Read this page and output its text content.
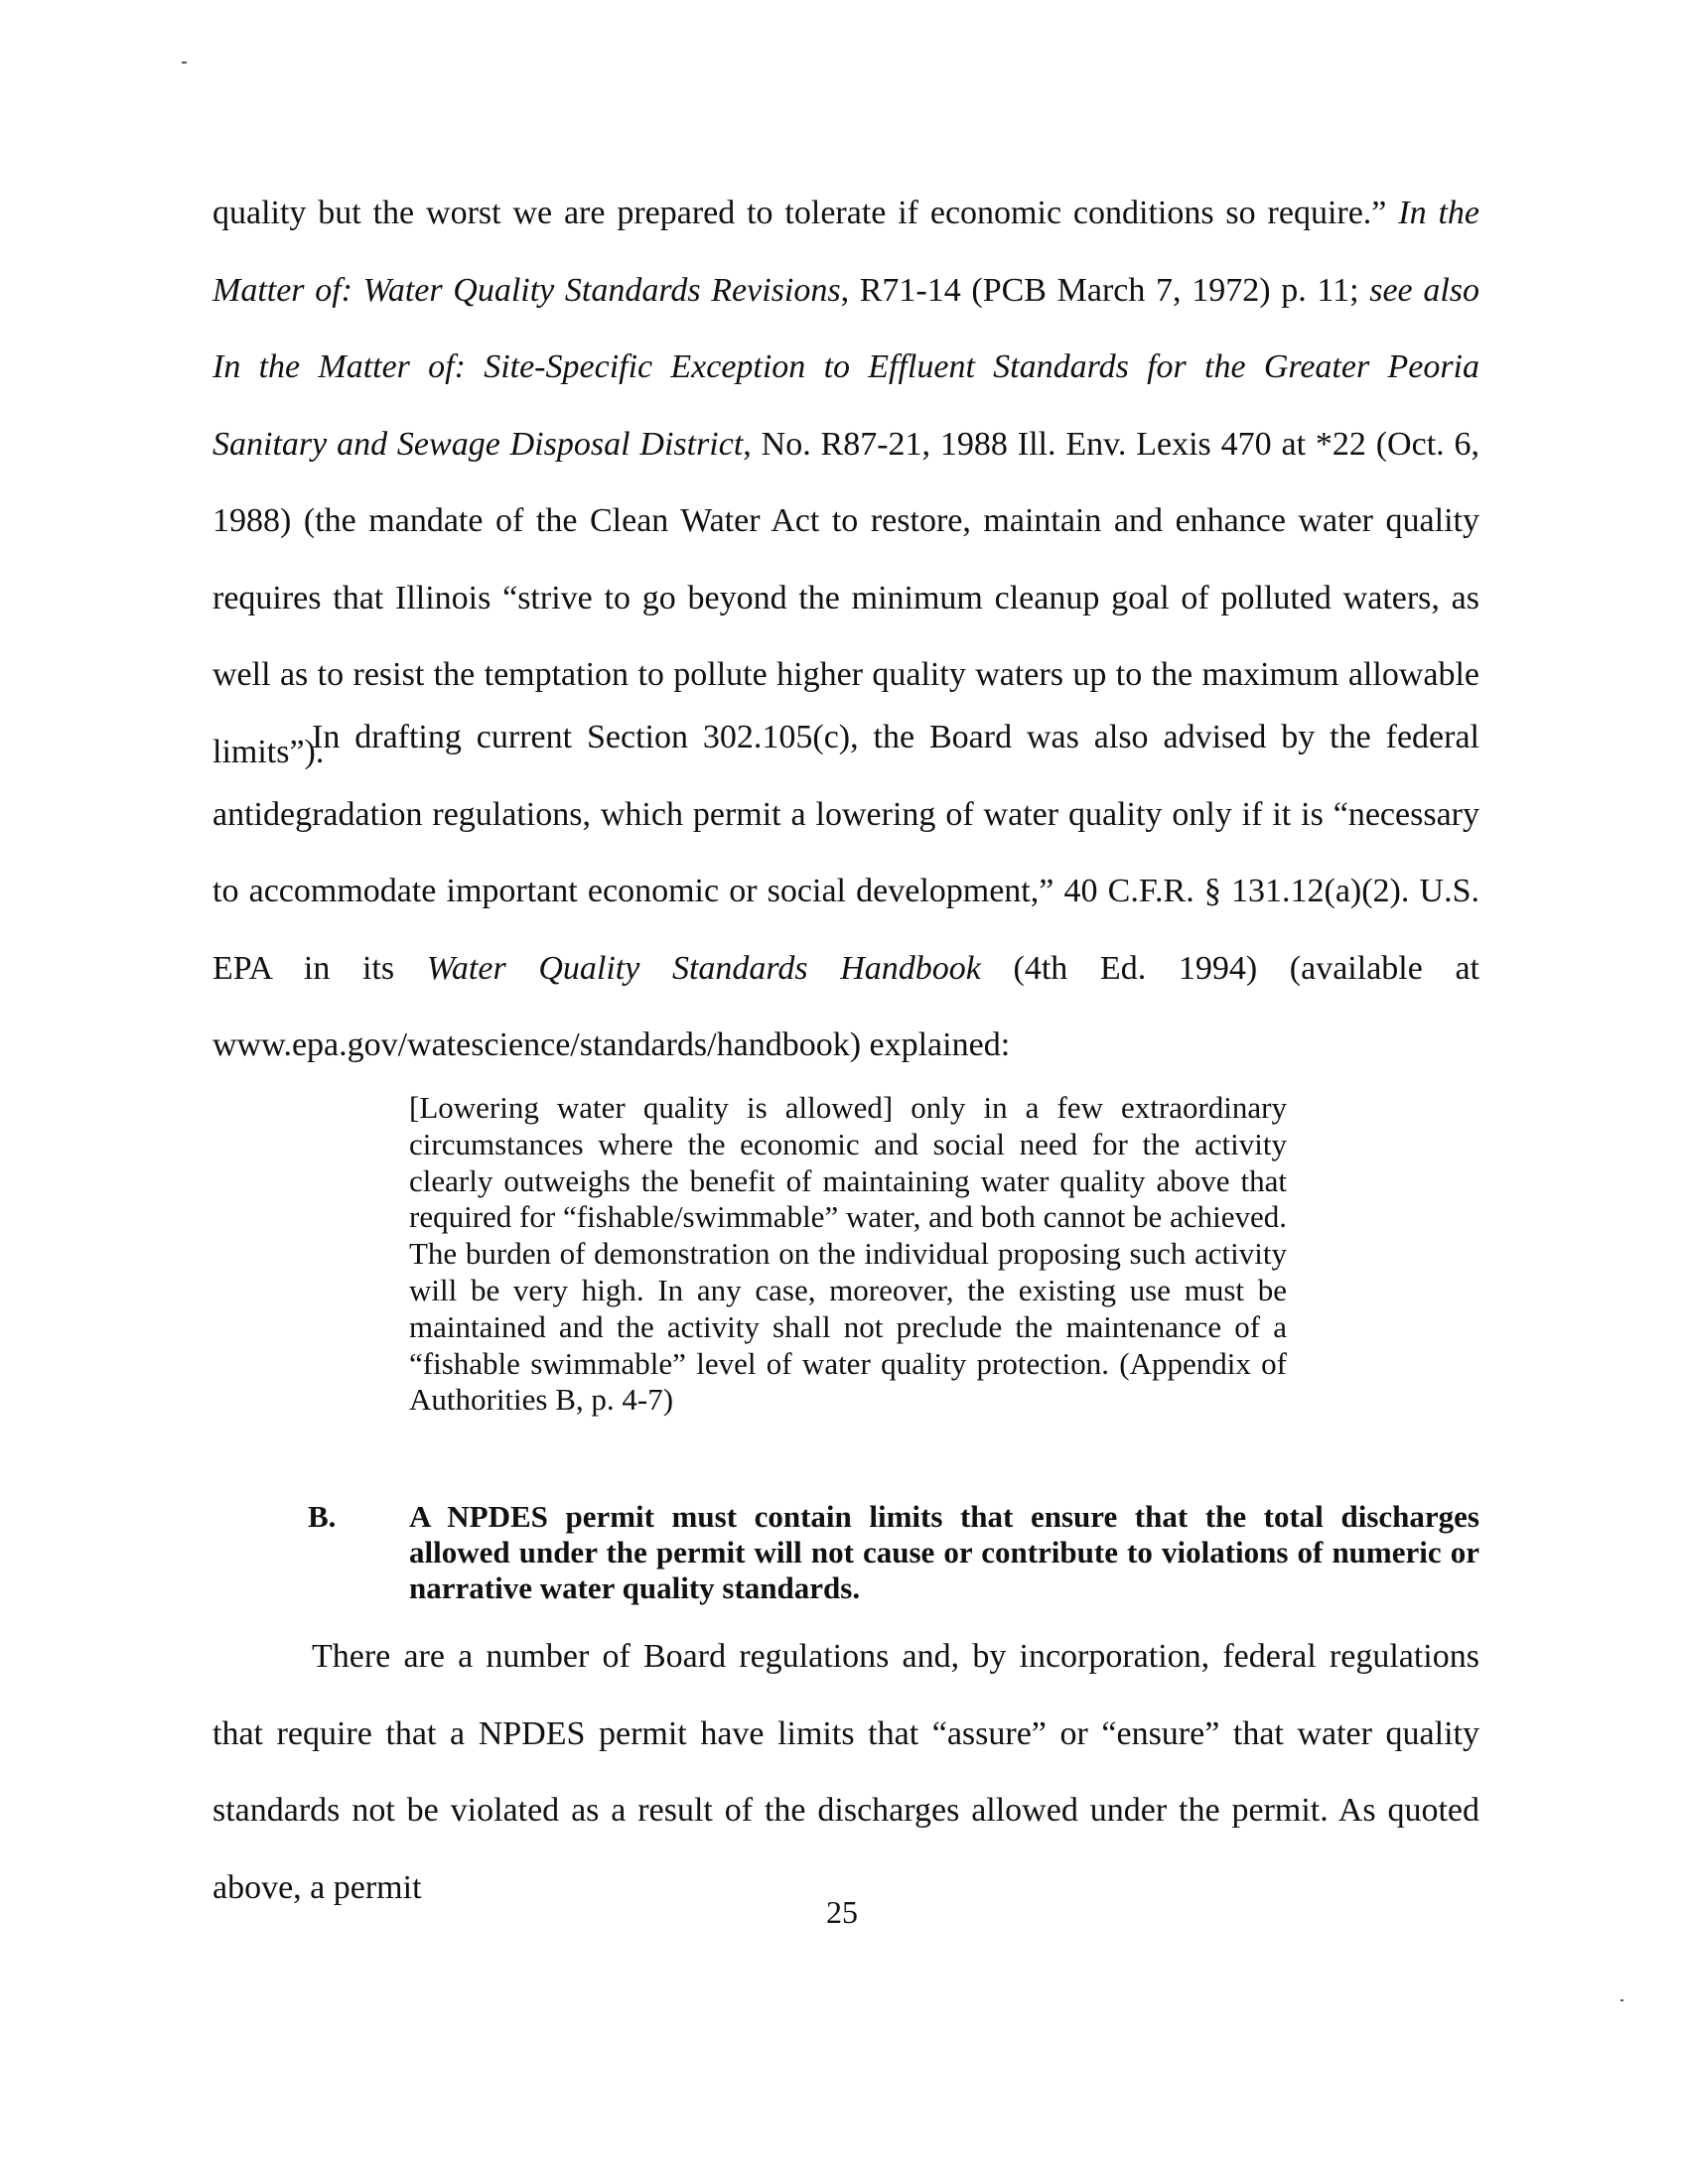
quality but the worst we are prepared to tolerate if economic conditions so require.” In the Matter of: Water Quality Standards Revisions, R71-14 (PCB March 7, 1972) p. 11; see also In the Matter of: Site-Specific Exception to Effluent Standards for the Greater Peoria Sanitary and Sewage Disposal District, No. R87-21, 1988 Ill. Env. Lexis 470 at *22 (Oct. 6, 1988) (the mandate of the Clean Water Act to restore, maintain and enhance water quality requires that Illinois “strive to go beyond the minimum cleanup goal of polluted waters, as well as to resist the temptation to pollute higher quality waters up to the maximum allowable limits”).

In drafting current Section 302.105(c), the Board was also advised by the federal antidegradation regulations, which permit a lowering of water quality only if it is “necessary to accommodate important economic or social development,” 40 C.F.R. § 131.12(a)(2). U.S. EPA in its Water Quality Standards Handbook (4th Ed. 1994) (available at www.epa.gov/watescience/standards/handbook) explained:

[Lowering water quality is allowed] only in a few extraordinary circumstances where the economic and social need for the activity clearly outweighs the benefit of maintaining water quality above that required for “fishable/swimmable” water, and both cannot be achieved. The burden of demonstration on the individual proposing such activity will be very high. In any case, moreover, the existing use must be maintained and the activity shall not preclude the maintenance of a “fishable swimmable” level of water quality protection. (Appendix of Authorities B, p. 4-7)

B. A NPDES permit must contain limits that ensure that the total discharges allowed under the permit will not cause or contribute to violations of numeric or narrative water quality standards.

There are a number of Board regulations and, by incorporation, federal regulations that require that a NPDES permit have limits that “assure” or “ensure” that water quality standards not be violated as a result of the discharges allowed under the permit. As quoted above, a permit

25
